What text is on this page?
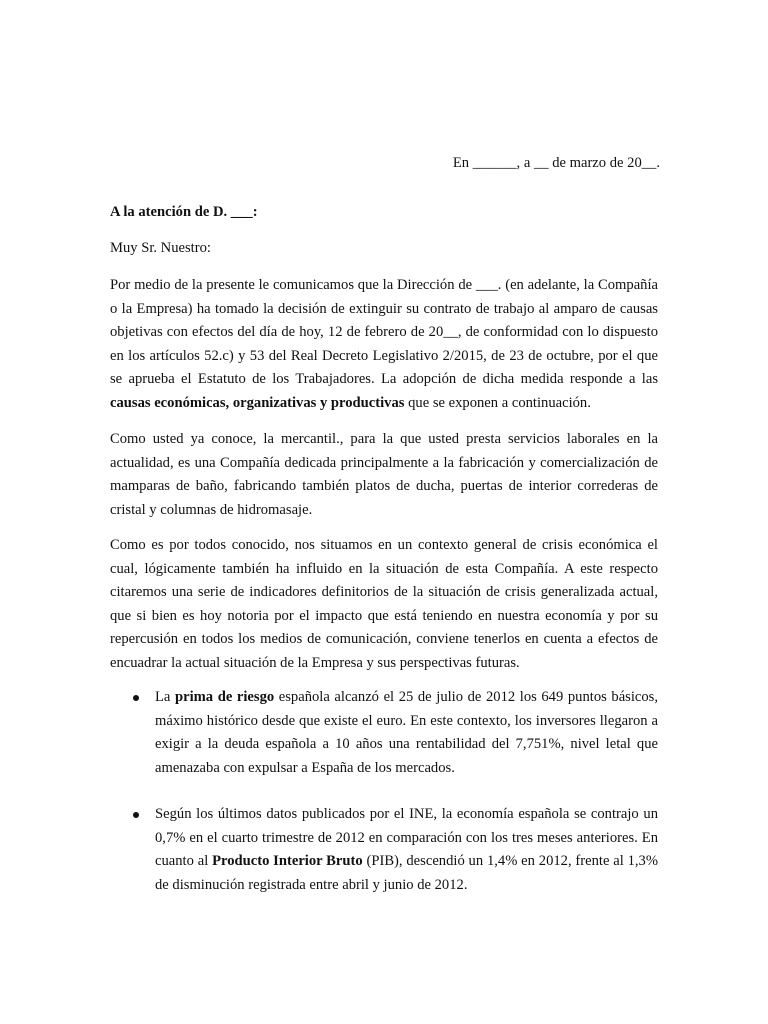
En ______, a __ de marzo de 20__.
A la atención de D. ___:
Muy Sr. Nuestro:

Por medio de la presente le comunicamos que la Dirección de ___. (en adelante, la Compañía o la Empresa) ha tomado la decisión de extinguir su contrato de trabajo al amparo de causas objetivas con efectos del día de hoy, 12 de febrero de 20__, de conformidad con lo dispuesto en los artículos 52.c) y 53 del Real Decreto Legislativo 2/2015, de 23 de octubre, por el que se aprueba el Estatuto de los Trabajadores. La adopción de dicha medida responde a las causas económicas, organizativas y productivas que se exponen a continuación.

Como usted ya conoce, la mercantil., para la que usted presta servicios laborales en la actualidad, es una Compañía dedicada principalmente a la fabricación y comercialización de mamparas de baño, fabricando también platos de ducha, puertas de interior correderas de cristal y columnas de hidromasaje.

Como es por todos conocido, nos situamos en un contexto general de crisis económica el cual, lógicamente también ha influido en la situación de esta Compañía. A este respecto citaremos una serie de indicadores definitorios de la situación de crisis generalizada actual, que si bien es hoy notoria por el impacto que está teniendo en nuestra economía y por su repercusión en todos los medios de comunicación, conviene tenerlos en cuenta a efectos de encuadrar la actual situación de la Empresa y sus perspectivas futuras.

La prima de riesgo española alcanzó el 25 de julio de 2012 los 649 puntos básicos, máximo histórico desde que existe el euro. En este contexto, los inversores llegaron a exigir a la deuda española a 10 años una rentabilidad del 7,751%, nivel letal que amenazaba con expulsar a España de los mercados.
Según los últimos datos publicados por el INE, la economía española se contrajo un 0,7% en el cuarto trimestre de 2012 en comparación con los tres meses anteriores. En cuanto al Producto Interior Bruto (PIB), descendió un 1,4% en 2012, frente al 1,3% de disminución registrada entre abril y junio de 2012.
